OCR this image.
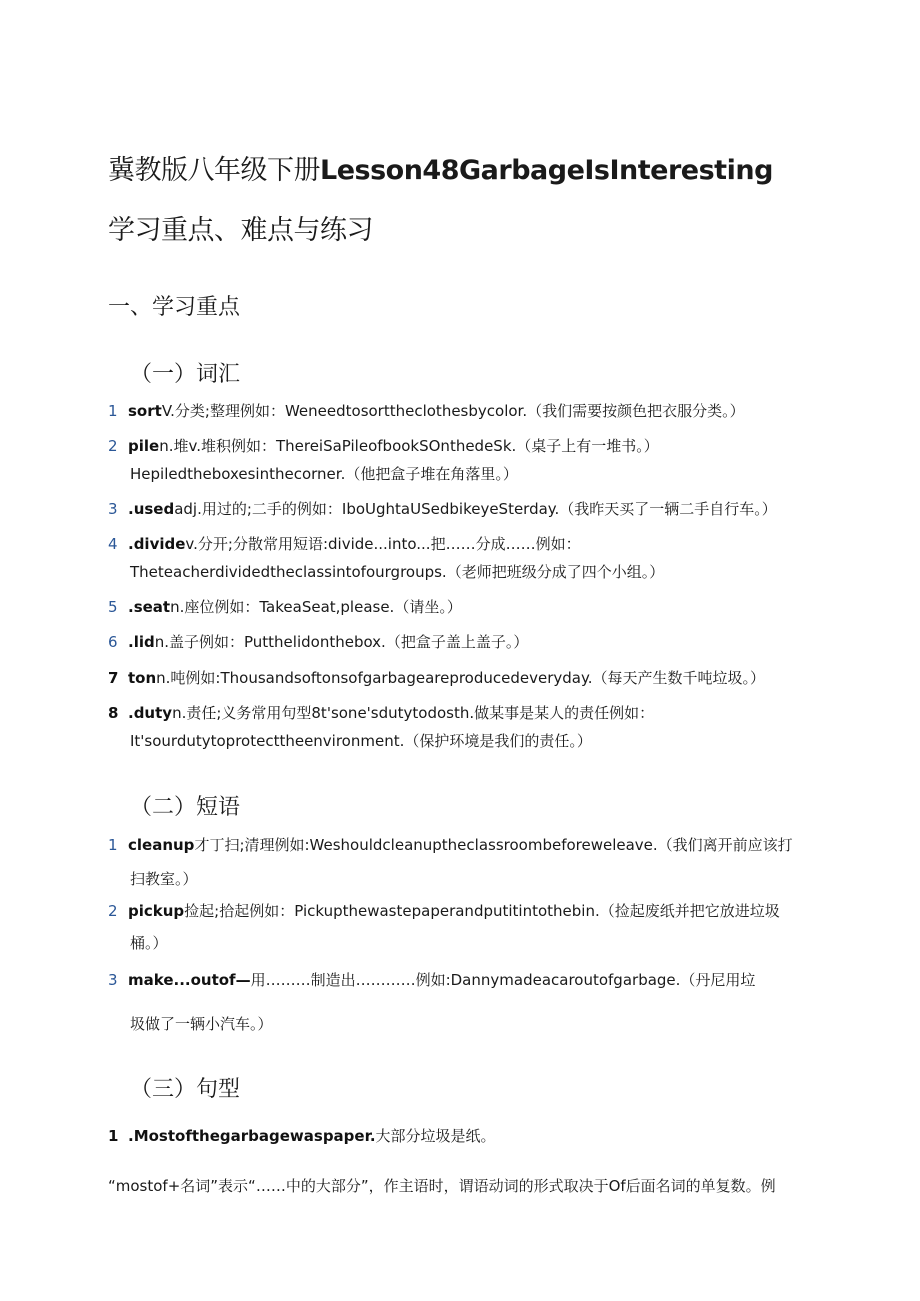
冀教版八年级下册Lesson48GarbageIsInteresting
学习重点、难点与练习
一、学习重点
（一）词汇
1 sortV.分类;整理例如：Weneedtosorttheclothesbycolor.（我们需要按颜色把衣服分类。）
2 pilen.堆v.堆积例如：ThereiSaPileofbookSOnthedeSk.（桌子上有一堆书。）
Hepiledtheboxesinthecorner.（他把盒子堆在角落里。）
3 .usedadj.用过的;二手的例如：IboUghtaUSedbikeyeSterday.（我昨天买了一辆二手自行车。）
4 .dividev.分开;分散常用短语:divide...into...把……分成……例如：
Theteacherdividedtheclassintofourgroups.（老师把班级分成了四个小组。）
5 .seatn.座位例如：TakeaSeat,please.（请坐。）
6 .lidn.盖子例如：Putthelidonthebox.（把盒子盖上盖子。）
7 tonn.吨例如:Thousandsoftonsofgarbageareproducedeveryday.（每天产生数千吨垃圾。）
8 .dutyn.责任;义务常用句型8t'sone'sdutytodosth.做某事是某人的责任例如：
It'sourdutytoprotecttheenvironment.（保护环境是我们的责任。）
（二）短语
1 cleanup才丁扫;清理例如:Weshouldcleanuptheclassroombeforeweleave.（我们离开前应该打
扫教室。）
2 pickup捡起;拾起例如：Pickupthewastepaperandputitintothebin.（捡起废纸并把它放进垃圾
桶。）
3 make...outof—用………制造出…………例如:Dannymadeacaroutofgarbage.（丹尼用垃
圾做了一辆小汽车。）
（三）句型
1 .Mostofthegarbagewaspaper.大部分垃圾是纸。
“mostof+名词”表示“……中的大部分”，作主语时，谓语动词的形式取决于Of后面名词的单复数。例
